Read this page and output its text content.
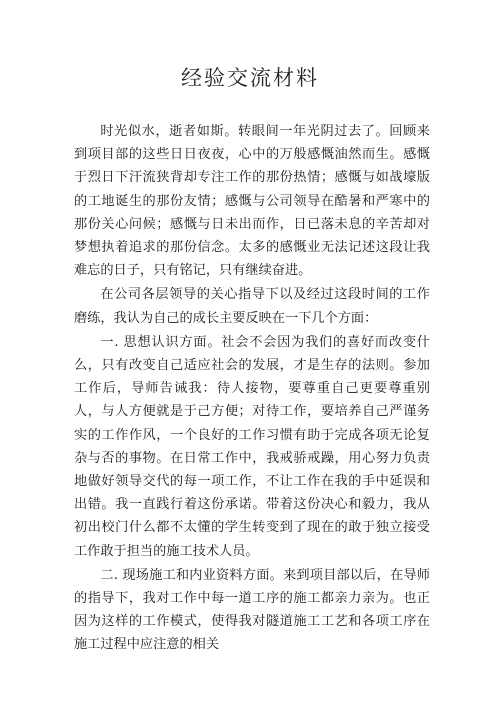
经验交流材料

时光似水，逝者如斯。转眼间一年光阴过去了。回顾来到项目部的这些日日夜夜，心中的万般感慨油然而生。感慨于烈日下汗流狭背却专注工作的那份热情；感慨与如战壕版的工地诞生的那份友情；感慨与公司领导在酷暑和严寒中的那份关心问候；感慨与日未出而作，日已落未息的辛苦却对梦想执着追求的那份信念。太多的感慨业无法记述这段让我难忘的日子，只有铭记，只有继续奋进。

在公司各层领导的关心指导下以及经过这段时间的工作磨练，我认为自己的成长主要反映在一下几个方面：

一. 思想认识方面。社会不会因为我们的喜好而改变什么，只有改变自己适应社会的发展，才是生存的法则。参加工作后，导师告诫我：待人接物，要尊重自己更要尊重别人，与人方便就是于己方便；对待工作，要培养自己严谨务实的工作作风，一个良好的工作习惯有助于完成各项无论复杂与否的事物。在日常工作中，我戒骄戒躁，用心努力负责地做好领导交代的每一项工作，不让工作在我的手中延误和出错。我一直践行着这份承诺。带着这份决心和毅力，我从初出校门什么都不太懂的学生转变到了现在的敢于独立接受工作敢于担当的施工技术人员。

二. 现场施工和内业资料方面。来到项目部以后，在导师的指导下，我对工作中每一道工序的施工都亲力亲为。也正因为这样的工作模式，使得我对隧道施工工艺和各项工序在施工过程中应注意的相关
